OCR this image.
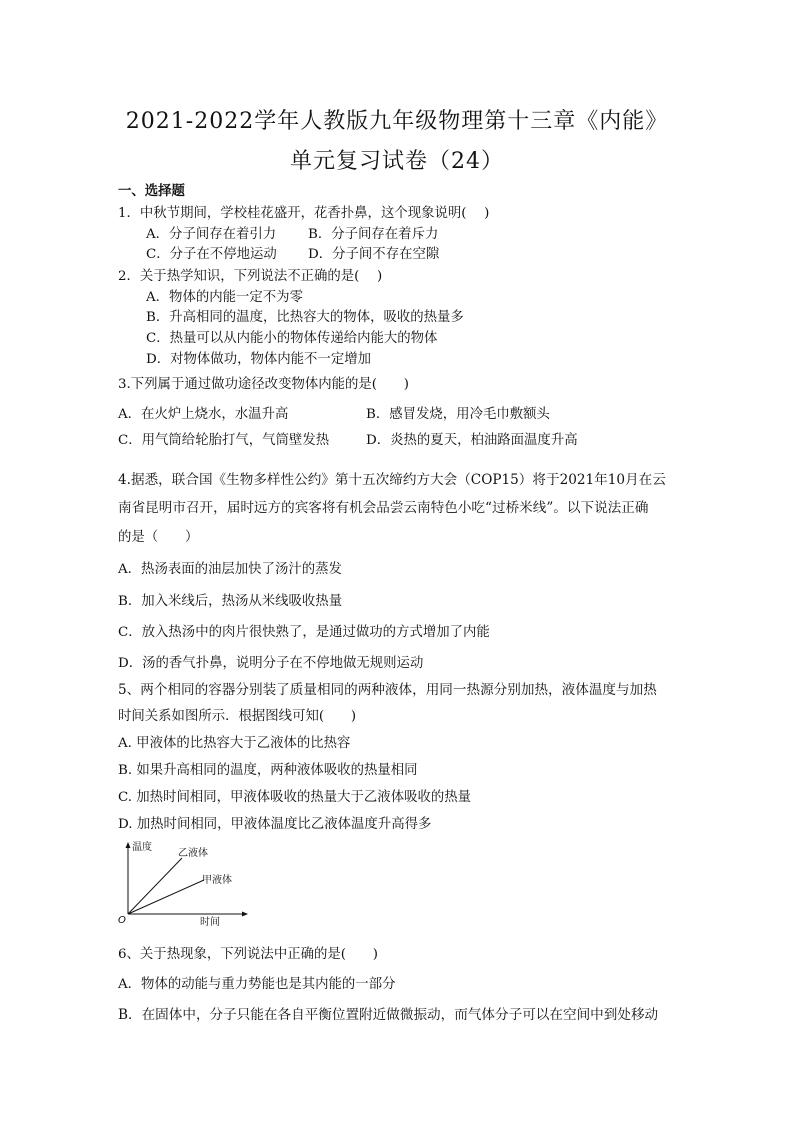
2021-2022学年人教版九年级物理第十三章《内能》
单元复习试卷（24）
一、选择题
1．中秋节期间，学校桂花盛开，花香扑鼻，这个现象说明(　 )
A．分子间存在着引力 B．分子间存在着斥力
C．分子在不停地运动 D．分子间不存在空隙
2．关于热学知识，下列说法不正确的是(　 )
A．物体的内能一定不为零
B．升高相同的温度，比热容大的物体，吸收的热量多
C．热量可以从内能小的物体传递给内能大的物体
D．对物体做功，物体内能不一定增加
3.下列属于通过做功途径改变物体内能的是(　　)
A．在火炉上烧水，水温升高	B．感冒发烧，用冷毛巾敷额头
C．用气筒给轮胎打气，气筒壁发热	D．炎热的夏天，柏油路面温度升高
4.据悉，联合国《生物多样性公约》第十五次缔约方大会（COP15）将于2021年10月在云
南省昆明市召开，届时远方的宾客将有机会品尝云南特色小吃“过桥米线”。以下说法正确
的是（　　）
A．热汤表面的油层加快了汤汁的蒸发
B．加入米线后，热汤从米线吸收热量
C．放入热汤中的肉片很快熟了，是通过做功的方式增加了内能
D．汤的香气扑鼻，说明分子在不停地做无规则运动
5、两个相同的容器分别装了质量相同的两种液体，用同一热源分别加热，液体温度与加热
时间关系如图所示．根据图线可知(　　)
A. 甲液体的比热容大于乙液体的比热容
B. 如果升高相同的温度，两种液体吸收的热量相同
C. 加热时间相同，甲液体吸收的热量大于乙液体吸收的热量
D. 加热时间相同，甲液体温度比乙液体温度升高得多
温度
乙液体
甲液体
O	时间
6、关于热现象，下列说法中正确的是(　　)
A．物体的动能与重力势能也是其内能的一部分
B．在固体中，分子只能在各自平衡位置附近做微振动，而气体分子可以在空间中到处移动
